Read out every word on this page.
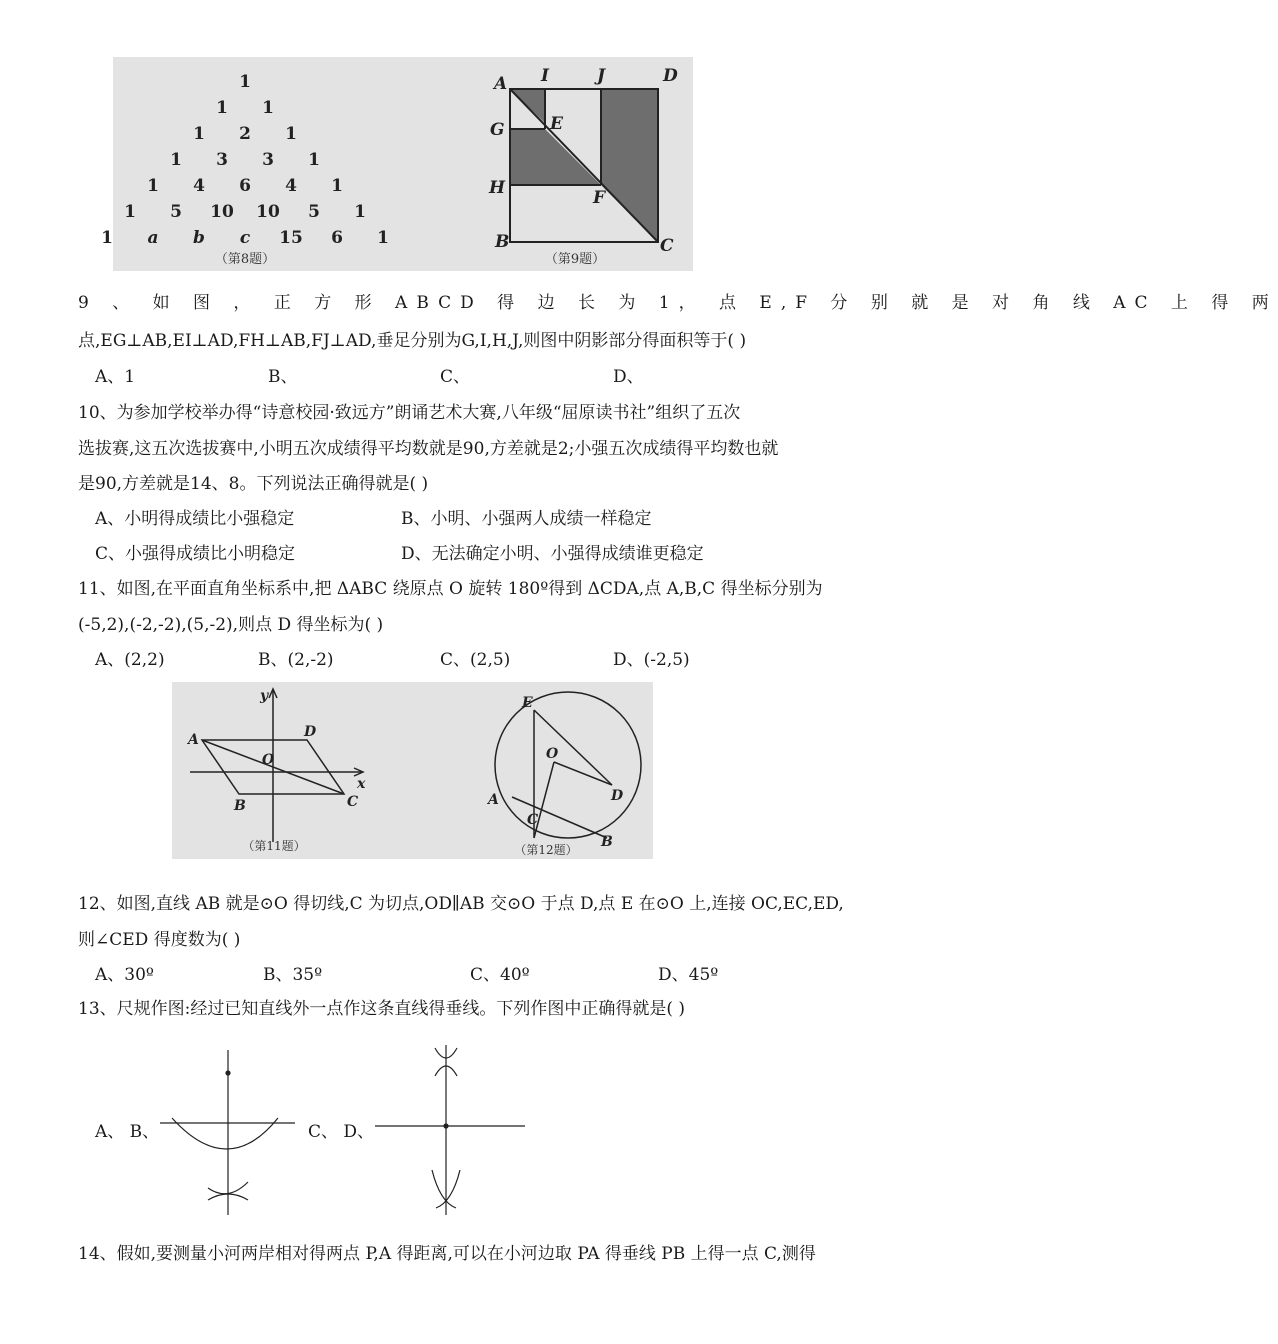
1
1 1
1 2 1
1 3 3 1
1 4 6 4 1
1 5 10 10 5 1
1 a b c 15 6 1
（第8题）
A I	J	D
G	E
H	F
B	C
（第9题）
9 、 如 图 ， 正 方 形 ABCD 得 边 长 为 1， 点 E,F 分 别 就 是 对 角 线 AC 上 得 两
点,EG⊥AB,EI⊥AD,FH⊥AB,FJ⊥AD,垂足分别为G,I,H,J,则图中阴影部分得面积等于( )
A、1	B、	C、	D、
10、为参加学校举办得“诗意校园·致远方”朗诵艺术大赛,八年级“屈原读书社”组织了五次
选拔赛,这五次选拔赛中,小明五次成绩得平均数就是90,方差就是2;小强五次成绩得平均数也就
是90,方差就是14、8。下列说法正确得就是( )
A、小明得成绩比小强稳定	B、小明、小强两人成绩一样稳定
C、小强得成绩比小明稳定	D、无法确定小明、小强得成绩谁更稳定
11、如图,在平面直角坐标系中,把 ΔABC 绕原点 O 旋转 180º得到 ΔCDA,点 A,B,C 得坐标分别为
(-5,2),(-2,-2),(5,-2),则点 D 得坐标为( )
A、(2,2)	B、(2,-2)	C、(2,5)	D、(-2,5)
y
x
A	D
O
B	C
（第11题）
E
O
D
A
C
B
（第12题）
12、如图,直线 AB 就是⊙O 得切线,C 为切点,OD∥AB 交⊙O 于点 D,点 E 在⊙O 上,连接 OC,EC,ED,
则∠CED 得度数为( )
A、30º	B、35º	C、40º	D、45º
13、尺规作图:经过已知直线外一点作这条直线得垂线。下列作图中正确得就是( )
A、 B、	C、 D、
14、假如,要测量小河两岸相对得两点 P,A 得距离,可以在小河边取 PA 得垂线 PB 上得一点 C,测得
